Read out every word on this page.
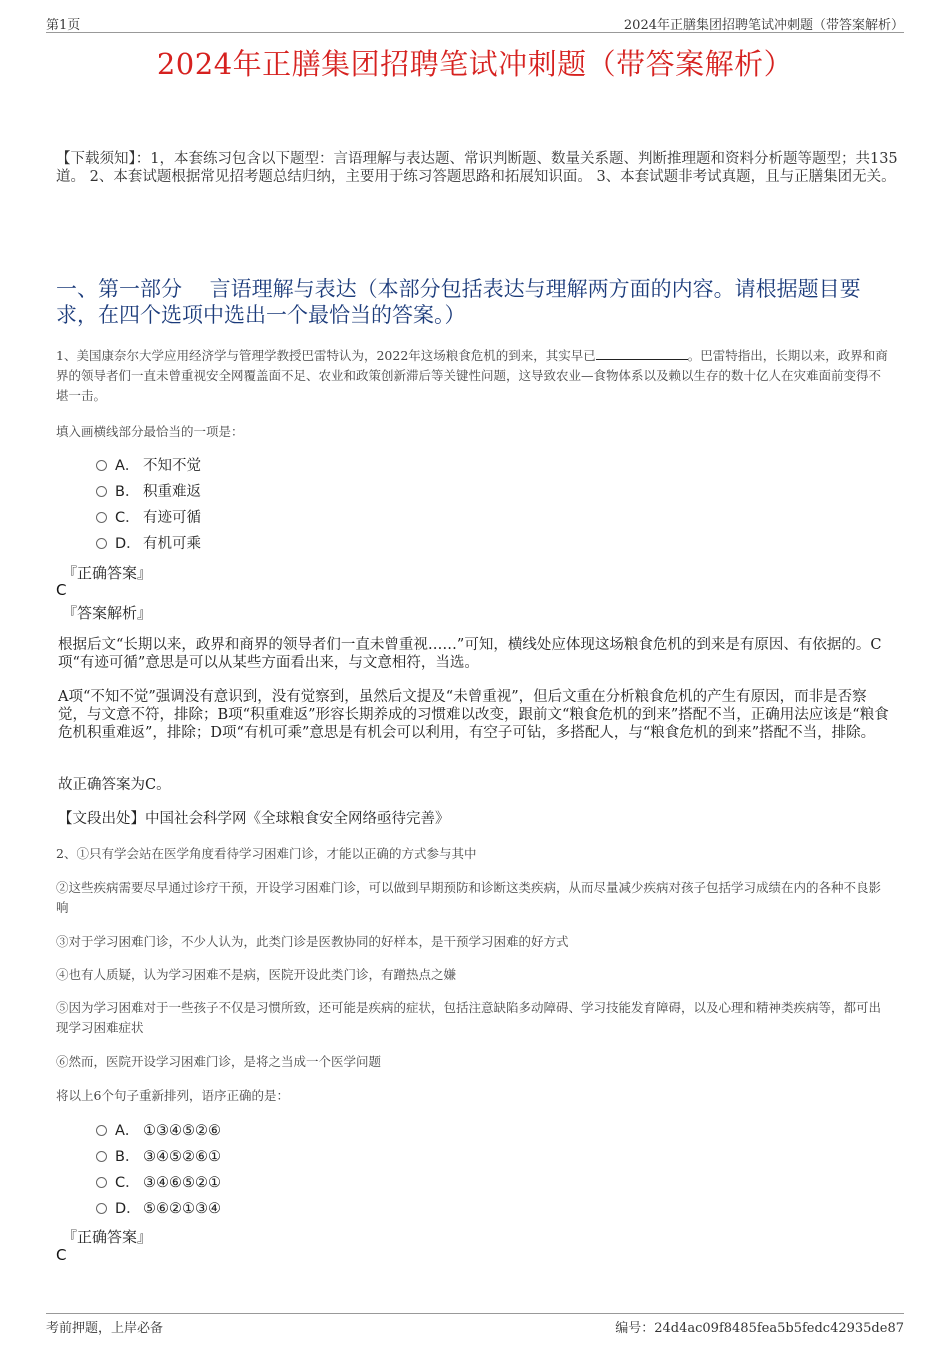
第1页	2024年正膳集团招聘笔试冲刺题（带答案解析）
2024年正膳集团招聘笔试冲刺题（带答案解析）
【下载须知】：1，本套练习包含以下题型：言语理解与表达题、常识判断题、数量关系题、判断推理题和资料分析题等题型；共135道。 2、本套试题根据常见招考题总结归纳，主要用于练习答题思路和拓展知识面。 3、本套试题非考试真题，且与正膳集团无关。
一、第一部分　 言语理解与表达（本部分包括表达与理解两方面的内容。请根据题目要求，在四个选项中选出一个最恰当的答案。）
1、美国康奈尔大学应用经济学与管理学教授巴雷特认为，2022年这场粮食危机的到来，其实早已	。巴雷特指出，长期以来，政界和商界的领导者们一直未曾重视安全网覆盖面不足、农业和政策创新滞后等关键性问题，这导致农业—食物体系以及赖以生存的数十亿人在灾难面前变得不堪一击。
填入画横线部分最恰当的一项是：
A． 不知不觉
B． 积重难返
C． 有迹可循
D． 有机可乘
『正确答案』
C
『答案解析』
根据后文“长期以来，政界和商界的领导者们一直未曾重视……”可知，横线处应体现这场粮食危机的到来是有原因、有依据的。C项“有迹可循”意思是可以从某些方面看出来，与文意相符，当选。
A项“不知不觉”强调没有意识到，没有觉察到，虽然后文提及“未曾重视”，但后文重在分析粮食危机的产生有原因，而非是否察觉，与文意不符，排除；B项“积重难返”形容长期养成的习惯难以改变，跟前文“粮食危机的到来”搭配不当，正确用法应该是“粮食危机积重难返”，排除；D项“有机可乘”意思是有机会可以利用，有空子可钻，多搭配人，与“粮食危机的到来”搭配不当，排除。
故正确答案为C。
【文段出处】中国社会科学网《全球粮食安全网络亟待完善》
2、①只有学会站在医学角度看待学习困难门诊，才能以正确的方式参与其中
②这些疾病需要尽早通过诊疗干预，开设学习困难门诊，可以做到早期预防和诊断这类疾病，从而尽量减少疾病对孩子包括学习成绩在内的各种不良影响
③对于学习困难门诊，不少人认为，此类门诊是医教协同的好样本，是干预学习困难的好方式
④也有人质疑，认为学习困难不是病，医院开设此类门诊，有蹭热点之嫌
⑤因为学习困难对于一些孩子不仅是习惯所致，还可能是疾病的症状，包括注意缺陷多动障碍、学习技能发育障碍，以及心理和精神类疾病等，都可出现学习困难症状
⑥然而，医院开设学习困难门诊，是将之当成一个医学问题
将以上6个句子重新排列，语序正确的是：
A． ①③④⑤②⑥
B． ③④⑤②⑥①
C． ③④⑥⑤②①
D． ⑤⑥②①③④
『正确答案』
C
考前押题，上岸必备	编号：24d4ac09f8485fea5b5fedc42935de87
